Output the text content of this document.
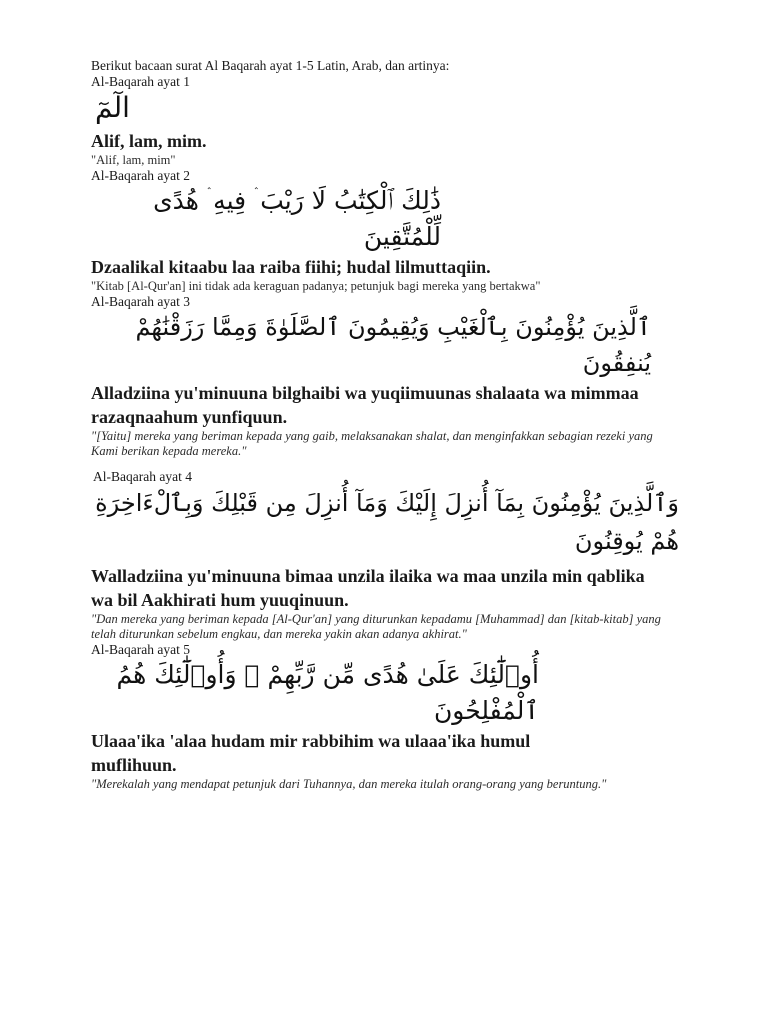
Berikut bacaan surat Al Baqarah ayat 1-5 Latin, Arab, dan artinya:

Al-Baqarah ayat 1

الٓمٓ

Alif, lam, mim.

"Alif, lam, mim"

Al-Baqarah ayat 2

ذَٰلِكَ ٱلْكِتَٰبُ لَا رَيْبَ ۛ فِيهِ ۛ هُدًى لِّلْمُتَّقِينَ

Dzaalikal kitaabu laa raiba fiihi; hudal lilmuttaqiin.

"Kitab [Al-Qur'an] ini tidak ada keraguan padanya; petunjuk bagi mereka yang bertakwa"

Al-Baqarah ayat 3

ٱلَّذِينَ يُؤْمِنُونَ بِٱلْغَيْبِ وَيُقِيمُونَ ٱلصَّلَوٰةَ وَمِمَّا رَزَقْنَٰهُمْ يُنفِقُونَ

Alladziina yu'minuuna bilghaibi wa yuqiimuunas shalaata wa mimmaa razaqnaahum yunfiquun.

"[Yaitu] mereka yang beriman kepada yang gaib, melaksanakan shalat, dan menginfakkan sebagian rezeki yang Kami berikan kepada mereka."

Al-Baqarah ayat 4

وَٱلَّذِينَ يُؤْمِنُونَ بِمَآ أُنزِلَ إِلَيْكَ وَمَآ أُنزِلَ مِن قَبْلِكَ وَبِٱلْءَاخِرَةِ هُمْ يُوقِنُونَ

Walladziina yu'minuuna bimaa unzila ilaika wa maa unzila min qablika wa bil Aakhirati hum yuuqinuun.

"Dan mereka yang beriman kepada [Al-Qur'an] yang diturunkan kepadamu [Muhammad] dan [kitab-kitab] yang telah diturunkan sebelum engkau, dan mereka yakin akan adanya akhirat."

Al-Baqarah ayat 5

أُو۟لَٰٓئِكَ عَلَىٰ هُدًى مِّن رَّبِّهِمْ ۖ وَأُو۟لَٰٓئِكَ هُمُ ٱلْمُفْلِحُونَ

Ulaaa'ika 'alaa hudam mir rabbihim wa ulaaa'ika humul muflihuun.

"Merekalah yang mendapat petunjuk dari Tuhannya, dan mereka itulah orang-orang yang beruntung."
